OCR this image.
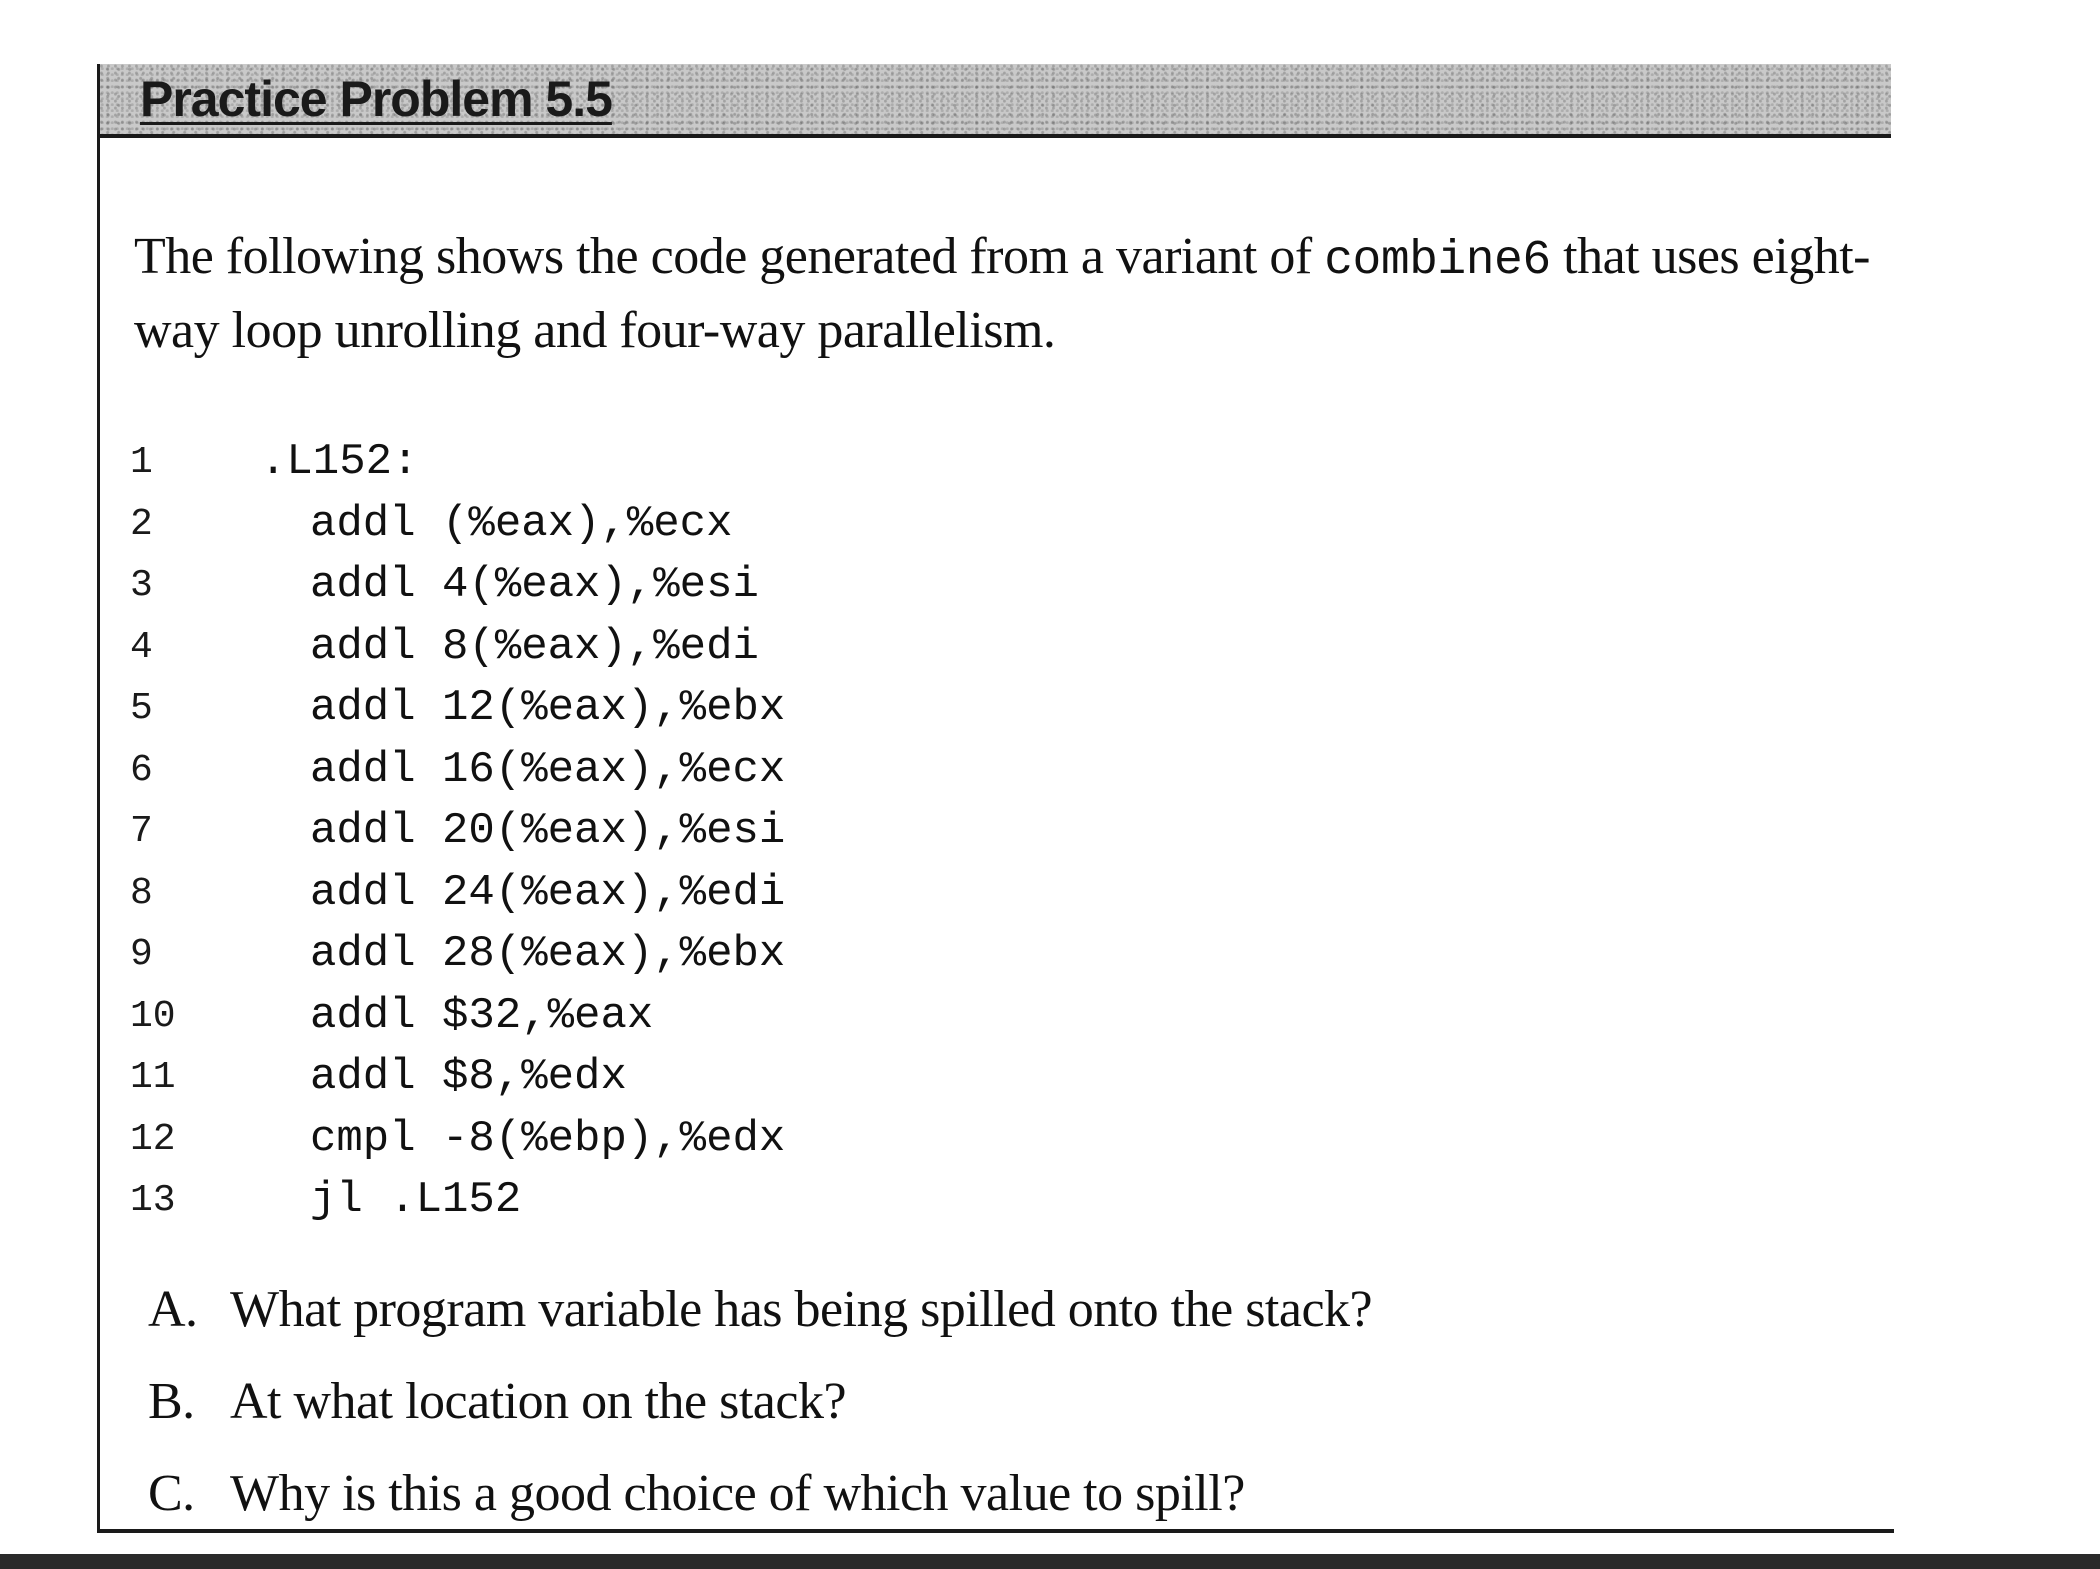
Practice Problem 5.5
The following shows the code generated from a variant of combine6 that uses eight-way loop unrolling and four-way parallelism.
1 .L152:
2	addl (%eax),%ecx
3	addl 4(%eax),%esi
4	addl 8(%eax),%edi
5	addl 12(%eax),%ebx
6	addl 16(%eax),%ecx
7	addl 20(%eax),%esi
8	addl 24(%eax),%edi
9	addl 28(%eax),%ebx
10	addl $32,%eax
11	addl $8,%edx
12	cmpl -8(%ebp),%edx
13	jl .L152
A. What program variable has being spilled onto the stack?
B. At what location on the stack?
C. Why is this a good choice of which value to spill?
